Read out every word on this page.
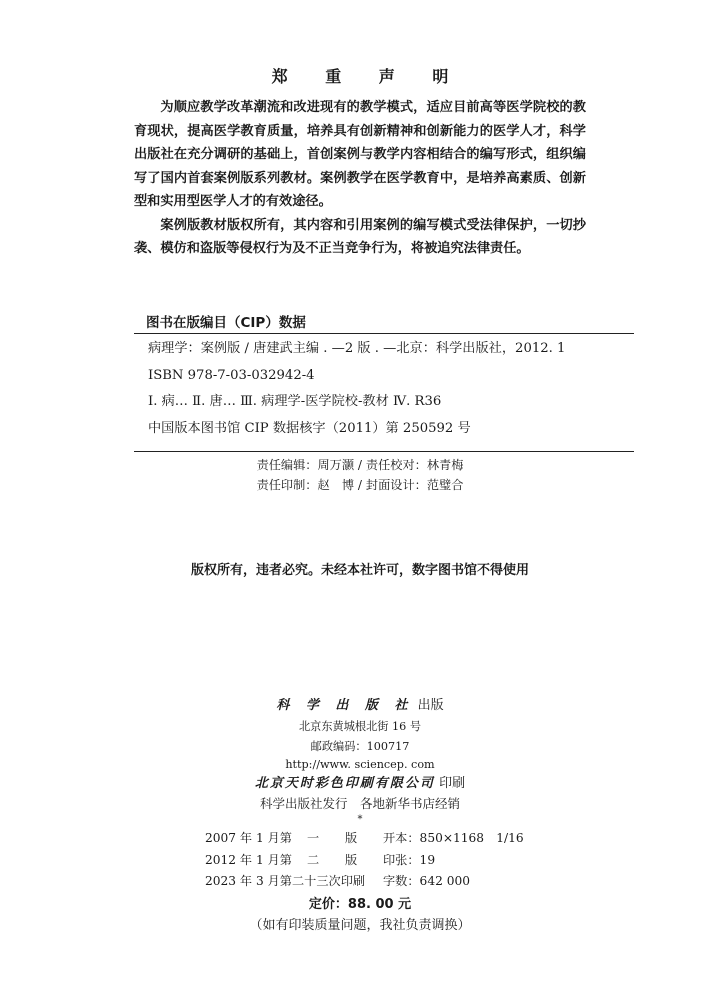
郑 重 声 明

为顺应教学改革潮流和改进现有的教学模式，适应目前高等医学院校的教育现状，提高医学教育质量，培养具有创新精神和创新能力的医学人才，科学出版社在充分调研的基础上，首创案例与教学内容相结合的编写形式，组织编写了国内首套案例版系列教材。案例教学在医学教育中，是培养高素质、创新型和实用型医学人才的有效途径。

案例版教材版权所有，其内容和引用案例的编写模式受法律保护，一切抄袭、模仿和盗版等侵权行为及不正当竞争行为，将被追究法律责任。

图书在版编目（CIP）数据
病理学：案例版 / 唐建武主编 . —2 版 . —北京：科学出版社，2012. 1
ISBN 978-7-03-032942-4
Ⅰ. 病… Ⅱ. 唐… Ⅲ. 病理学-医学院校-教材 Ⅳ. R36
中国版本图书馆 CIP 数据核字（2011）第 250592 号
责任编辑：周万灏 / 责任校对：林青梅
责任印制：赵　博 / 封面设计：范璧合
版权所有，违者必究。未经本社许可，数字图书馆不得使用
科 学 出 版 社 出版
北京东黄城根北街 16 号
邮政编码：100717
http://www. sciencep. com
北京天时彩色印刷有限公司 印刷
科学出版社发行　各地新华书店经销
*
2007 年 1 月第 一 版 开本：850×1168　1/16
2012 年 1 月第 二 版 印张：19
2023 年 3 月第二十三次印刷 字数：642 000
定价：88. 00 元
（如有印装质量问题，我社负责调换）
